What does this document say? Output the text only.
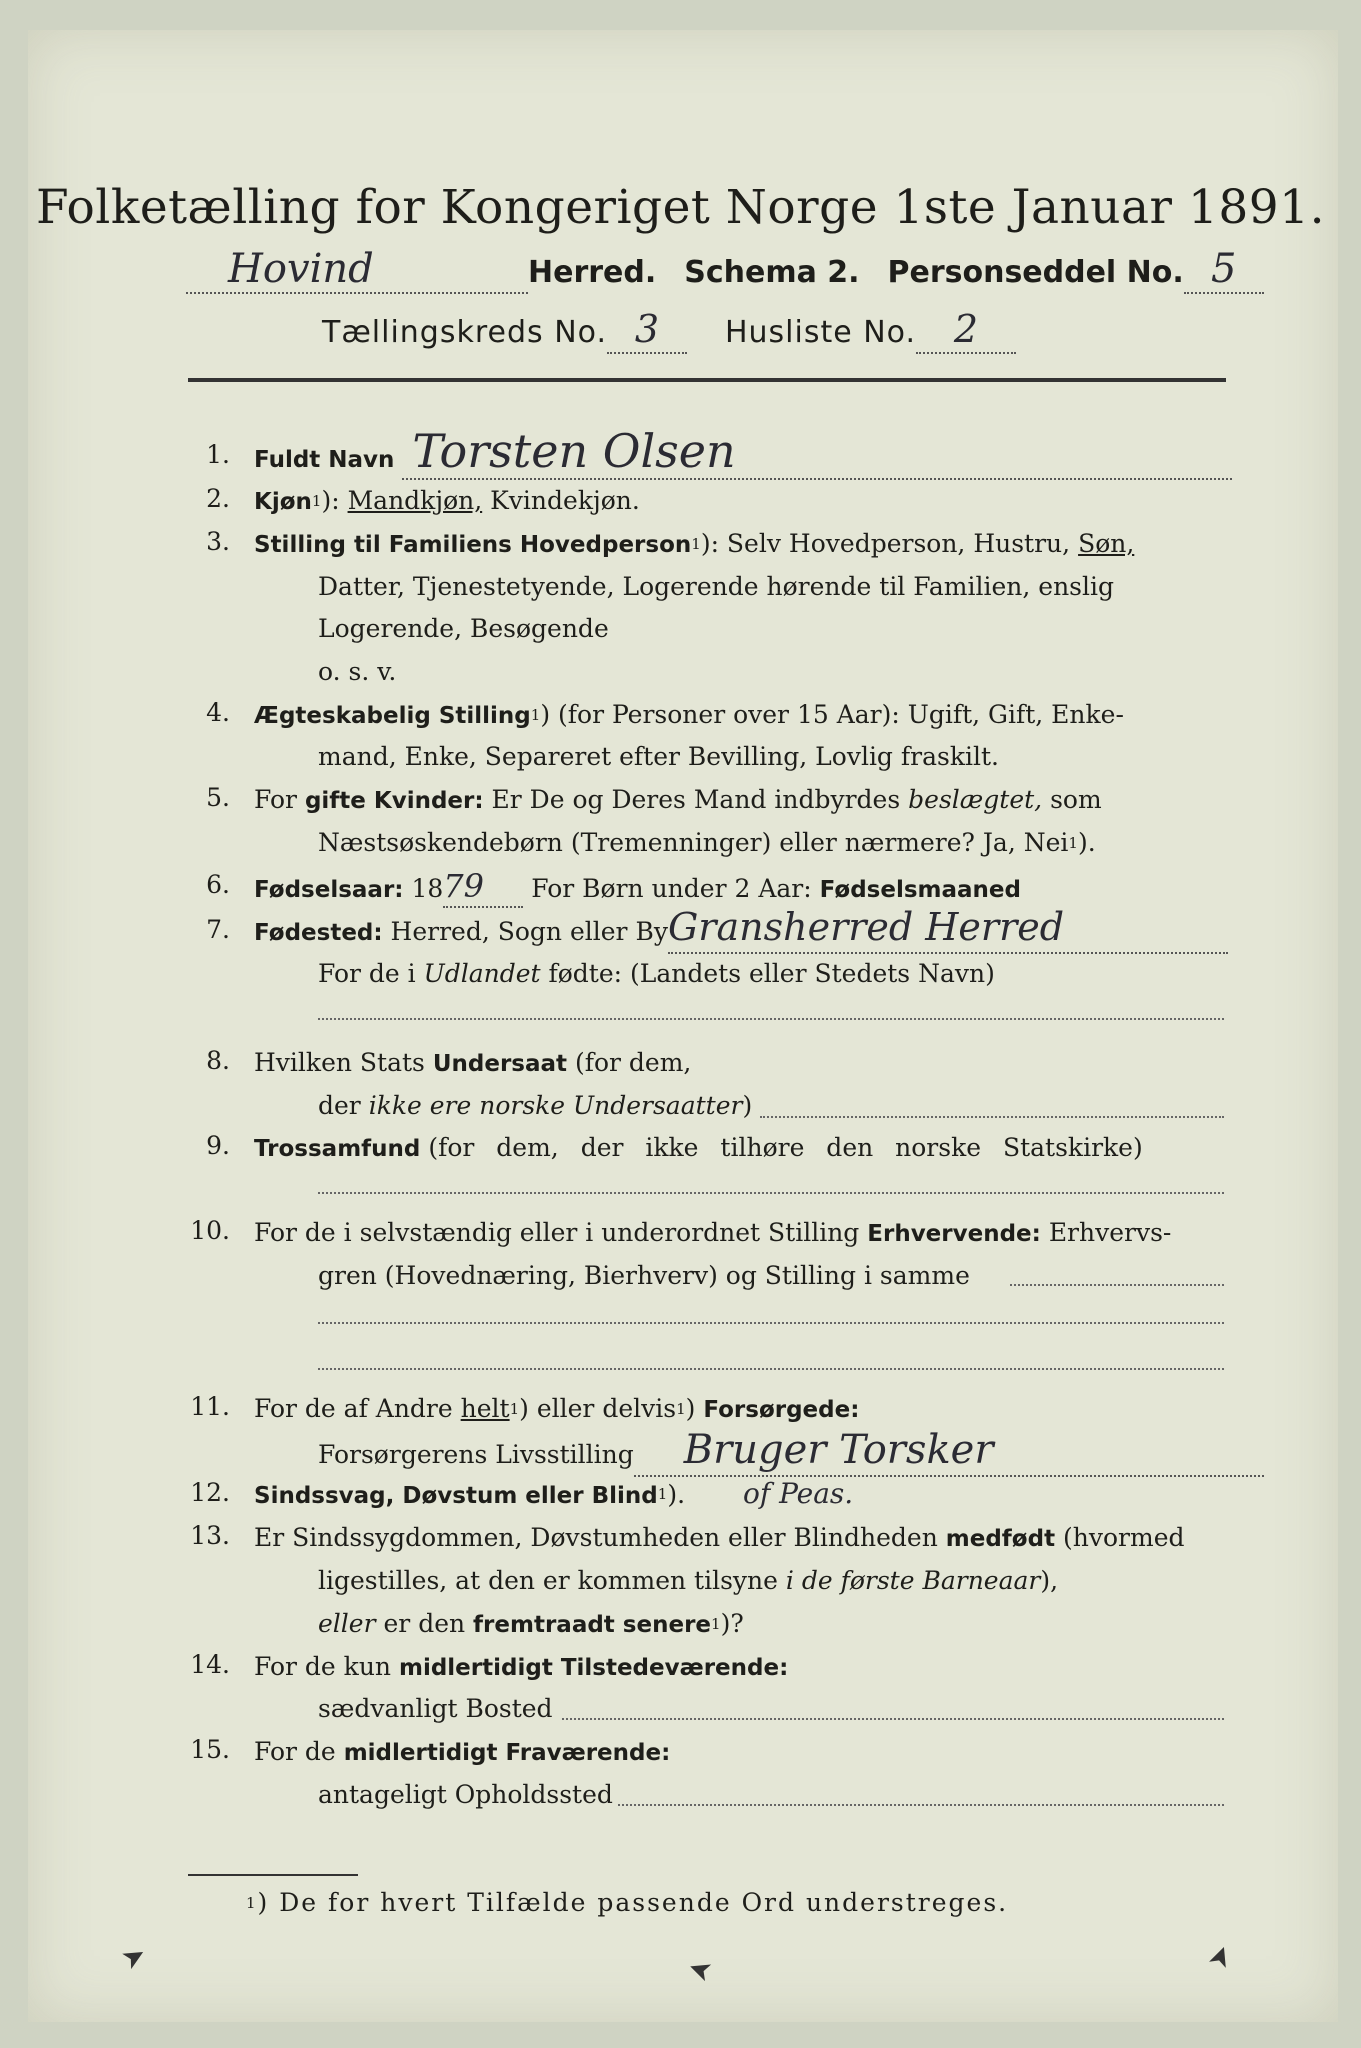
Folketælling for Kongeriget Norge 1ste Januar 1891.
Hovind	Herred. Schema 2. Personseddel No. 5
Tællingskreds No. 3 Husliste No. 2
1. Fuldt Navn Torsten Olsen
2. Kjøn$^1$): Mandkjøn, Kvindekjøn.
3. Stilling til Familiens Hovedperson$^1$): Selv Hovedperson, Hustru, Søn,
Datter, Tjenestetyende, Logerende hørende til Familien, enslig
Logerende, Besøgende
o. s. v.
4. Ægteskabelig Stilling$^1$) (for Personer over 15 Aar): Ugift, Gift, Enke-
mand, Enke, Separeret efter Bevilling, Lovlig fraskilt.
5. For gifte Kvinder: Er De og Deres Mand indbyrdes beslægtet, som
Næstsøskendebørn (Tremenninger) eller nærmere? Ja, Nei$^1$).
6. Fødselsaar: 1879 For Børn under 2 Aar: Fødselsmaaned
7. Fødested: Herred, Sogn eller ByGransherred Herred
For de i Udlandet fødte: (Landets eller Stedets Navn)
8. Hvilken Stats Undersaat (for dem,
der ikke ere norske Undersaatter)
9. Trossamfund (for dem, der ikke tilhøre den norske Statskirke)
10. For de i selvstændig eller i underordnet Stilling Erhvervende: Erhvervs-
gren (Hovednæring, Bierhverv) og Stilling i samme
11. For de af Andre helt$^1$) eller delvis$^1$) Forsørgede:
Forsørgerens Livsstilling Bruger Torsker
12. Sindssvag, Døvstum eller Blind$^1$). of Peas.
13. Er Sindssygdommen, Døvstumheden eller Blindheden medfødt (hvormed
ligestilles, at den er kommen tilsyne i de første Barneaar),
eller er den fremtraadt senere$^1$)?
14. For de kun midlertidigt Tilstedeværende:
sædvanligt Bosted
15. For de midlertidigt Fraværende:
antageligt Opholdssted
$^1$) De for hvert Tilfælde passende Ord understreges.
➤	➤	➤
